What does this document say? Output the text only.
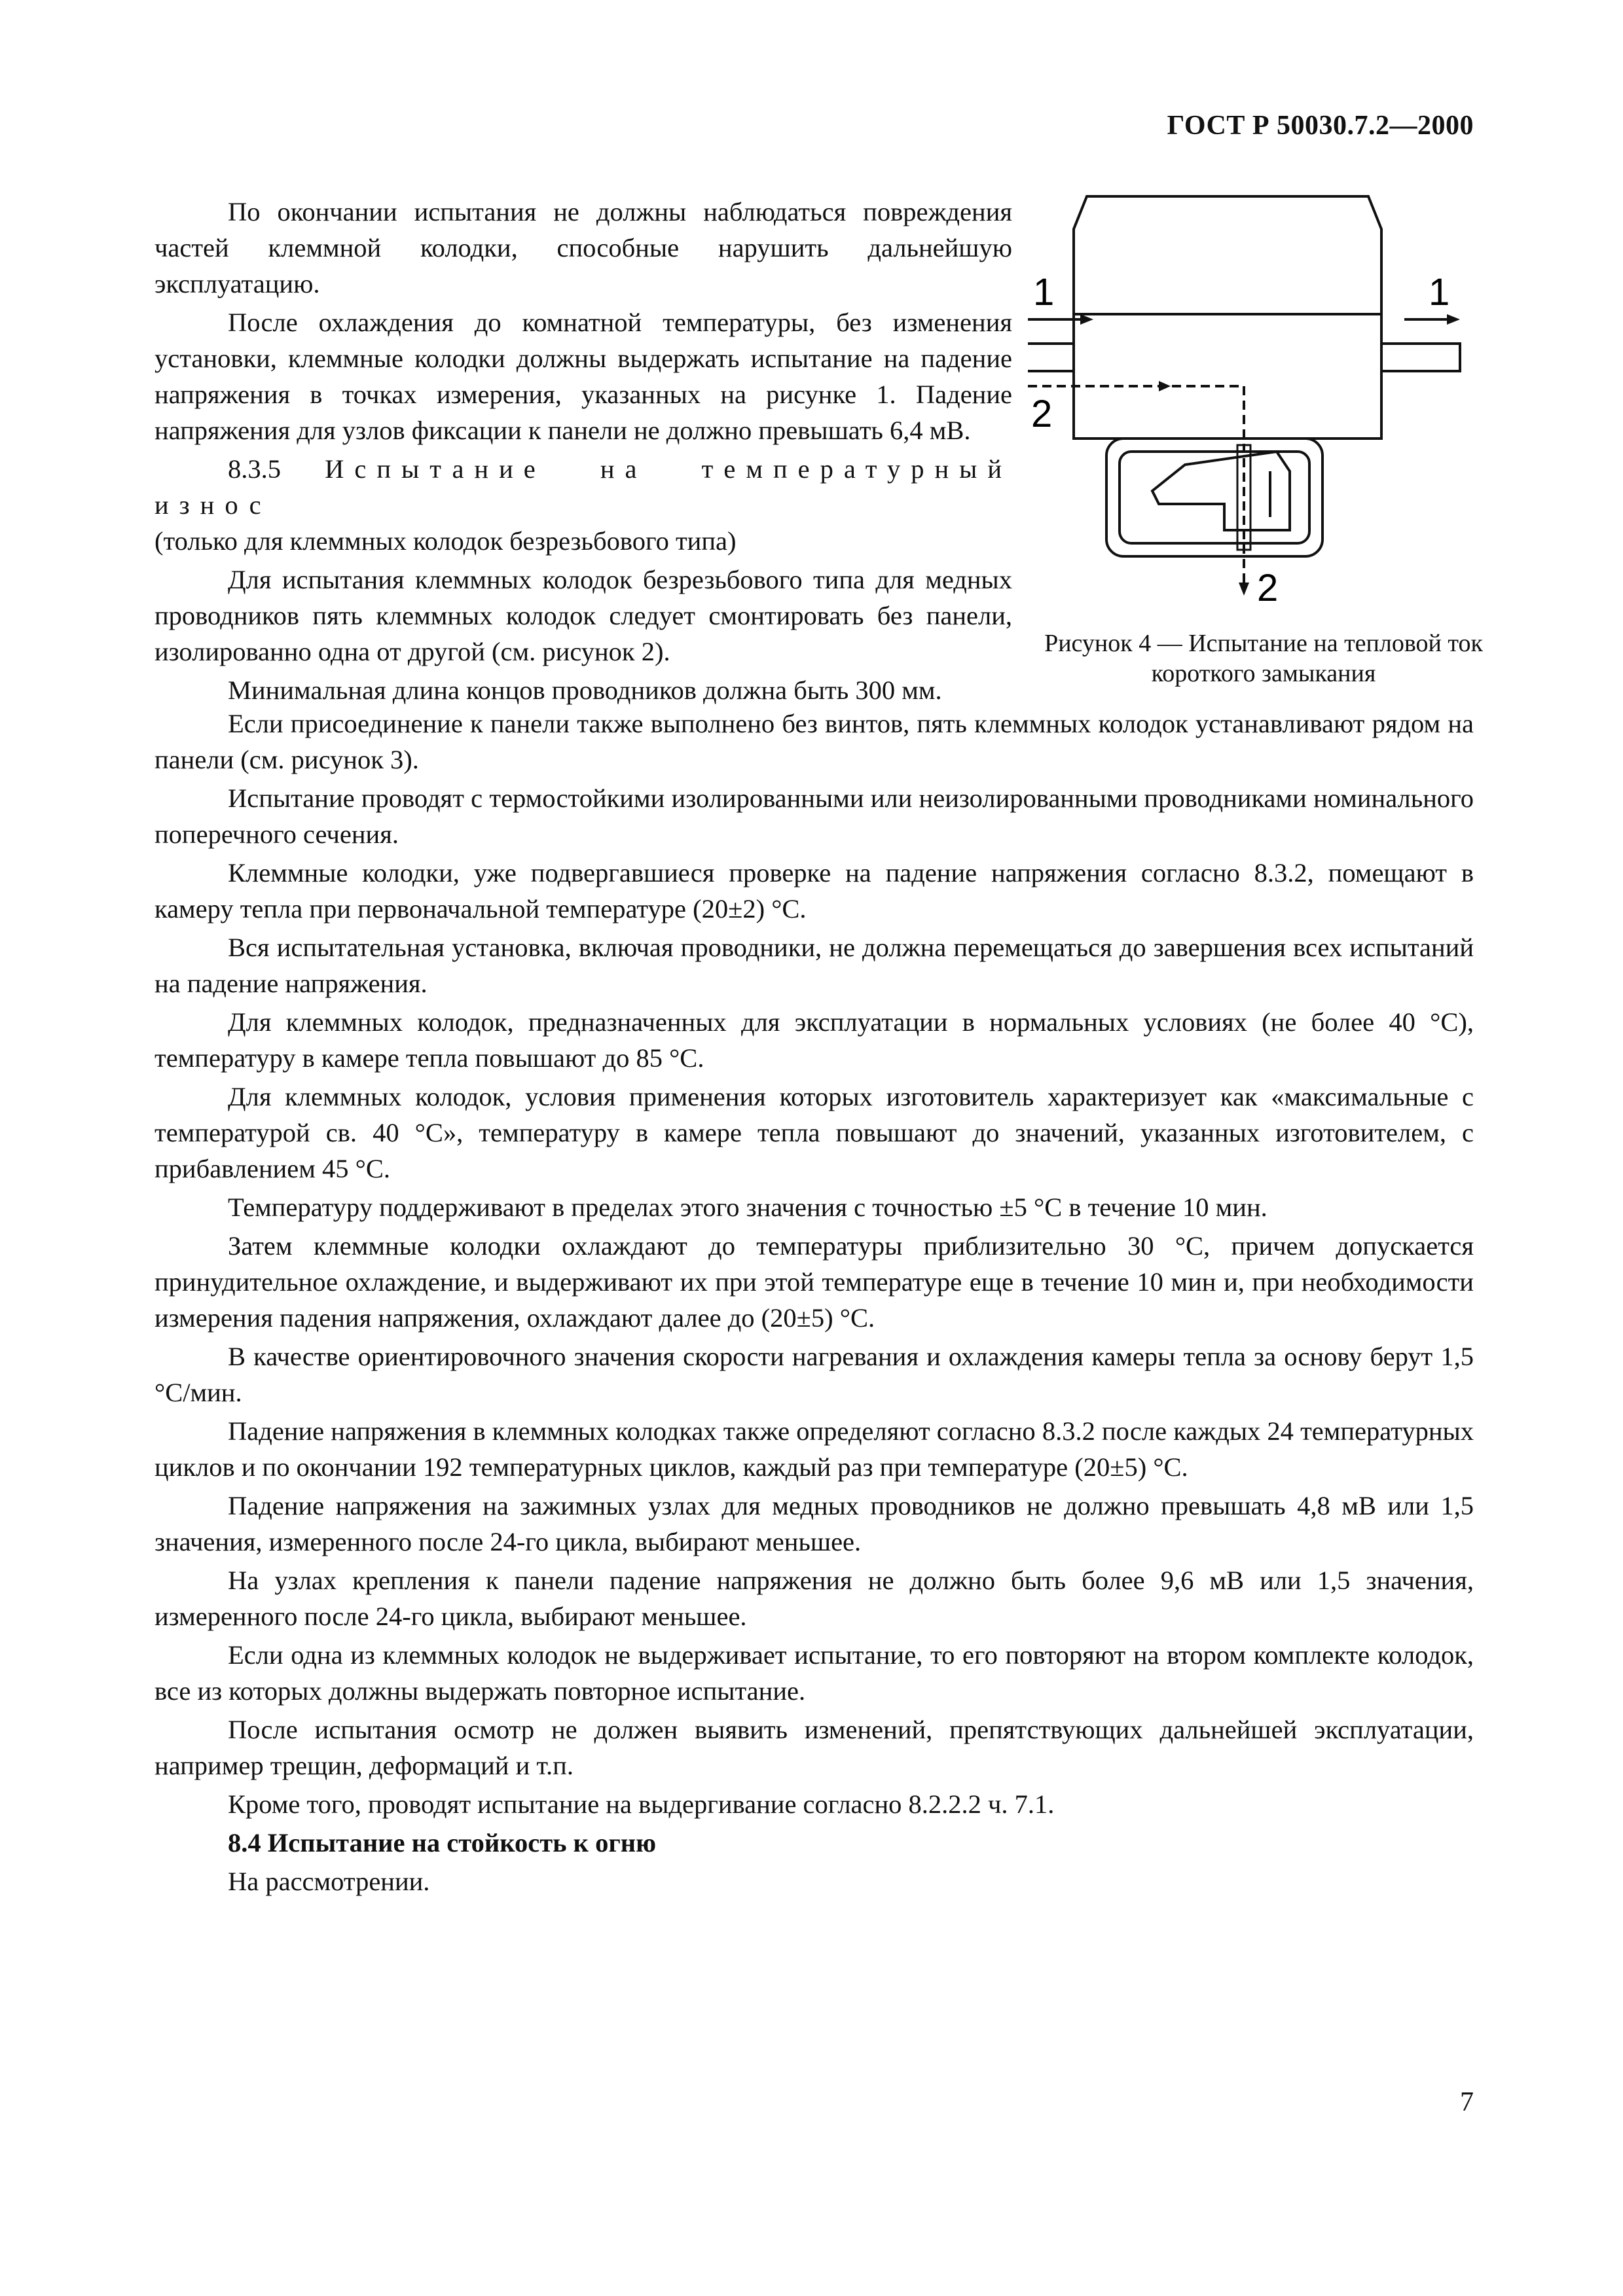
ГОСТ Р 50030.7.2—2000

По окончании испытания не должны наблюдаться повреждения частей клеммной колодки, способные нарушить дальнейшую эксплуатацию.

После охлаждения до комнатной температуры, без изменения установки, клеммные колодки должны выдержать испытание на падение напряжения в точках измерения, указанных на рисунке 1. Падение напряжения для узлов фиксации к панели не должно превышать 6,4 мВ.

8.3.5 Испытание на температурный износ

(только для клеммных колодок безрезьбового типа)

Для испытания клеммных колодок безрезьбового типа для медных проводников пять клеммных колодок следует смонтировать без панели, изолированно одна от другой (см. рисунок 2).

Минимальная длина концов проводников должна быть 300 мм.

1	1
2
2
Рисунок 4 — Испытание на тепловой ток короткого замыкания

Если присоединение к панели также выполнено без винтов, пять клеммных колодок устанавливают рядом на панели (см. рисунок 3).

Испытание проводят с термостойкими изолированными или неизолированными проводниками номинального поперечного сечения.

Клеммные колодки, уже подвергавшиеся проверке на падение напряжения согласно 8.3.2, помещают в камеру тепла при первоначальной температуре (20±2) °С.

Вся испытательная установка, включая проводники, не должна перемещаться до завершения всех испытаний на падение напряжения.

Для клеммных колодок, предназначенных для эксплуатации в нормальных условиях (не более 40 °С), температуру в камере тепла повышают до 85 °С.

Для клеммных колодок, условия применения которых изготовитель характеризует как «максимальные с температурой св. 40 °С», температуру в камере тепла повышают до значений, указанных изготовителем, с прибавлением 45 °С.

Температуру поддерживают в пределах этого значения с точностью ±5 °С в течение 10 мин.

Затем клеммные колодки охлаждают до температуры приблизительно 30 °С, причем допускается принудительное охлаждение, и выдерживают их при этой температуре еще в течение 10 мин и, при необходимости измерения падения напряжения, охлаждают далее до (20±5) °С.

В качестве ориентировочного значения скорости нагревания и охлаждения камеры тепла за основу берут 1,5 °С/мин.

Падение напряжения в клеммных колодках также определяют согласно 8.3.2 после каждых 24 температурных циклов и по окончании 192 температурных циклов, каждый раз при температуре (20±5) °С.

Падение напряжения на зажимных узлах для медных проводников не должно превышать 4,8 мВ или 1,5 значения, измеренного после 24-го цикла, выбирают меньшее.

На узлах крепления к панели падение напряжения не должно быть более 9,6 мВ или 1,5 значения, измеренного после 24-го цикла, выбирают меньшее.

Если одна из клеммных колодок не выдерживает испытание, то его повторяют на втором комплекте колодок, все из которых должны выдержать повторное испытание.

После испытания осмотр не должен выявить изменений, препятствующих дальнейшей эксплуатации, например трещин, деформаций и т.п.

Кроме того, проводят испытание на выдергивание согласно 8.2.2.2 ч. 7.1.

8.4 Испытание на стойкость к огню

На рассмотрении.

7
